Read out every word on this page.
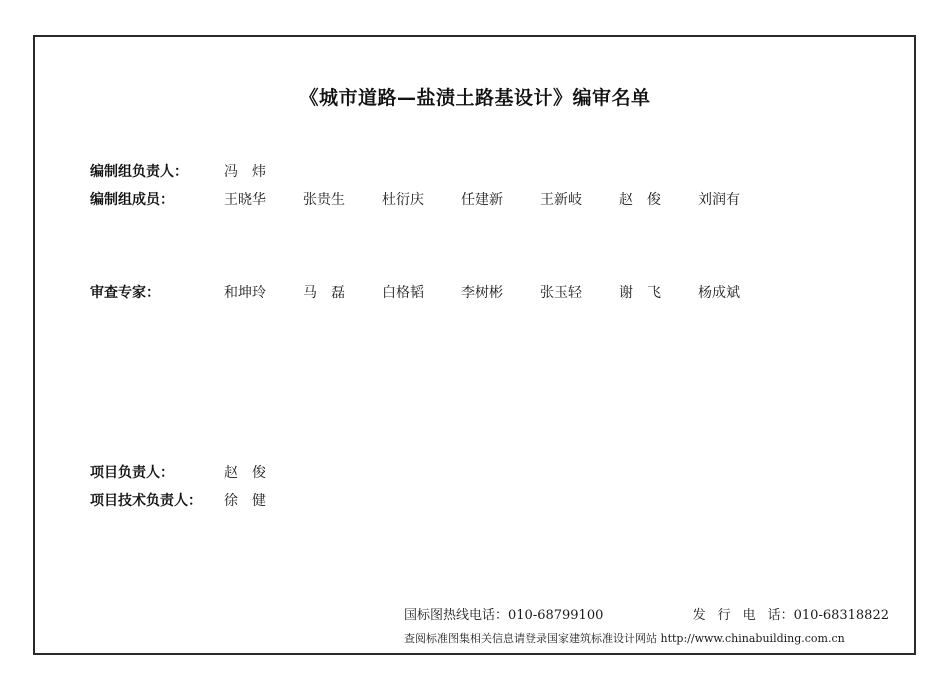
《城市道路—盐渍土路基设计》编审名单
编制组负责人：	冯　炜
编制组成员：	王晓华	张贵生	杜衍庆	任建新	王新岐	赵　俊	刘润有
审查专家：	和坤玲	马　磊	白格韬	李树彬	张玉轻	谢　飞	杨成斌
项目负责人：	赵　俊
项目技术负责人：	徐　健
国标图热线电话：010-68799100	发行电话：010-68318822
查阅标准图集相关信息请登录国家建筑标准设计网站 http://www.chinabuilding.com.cn
